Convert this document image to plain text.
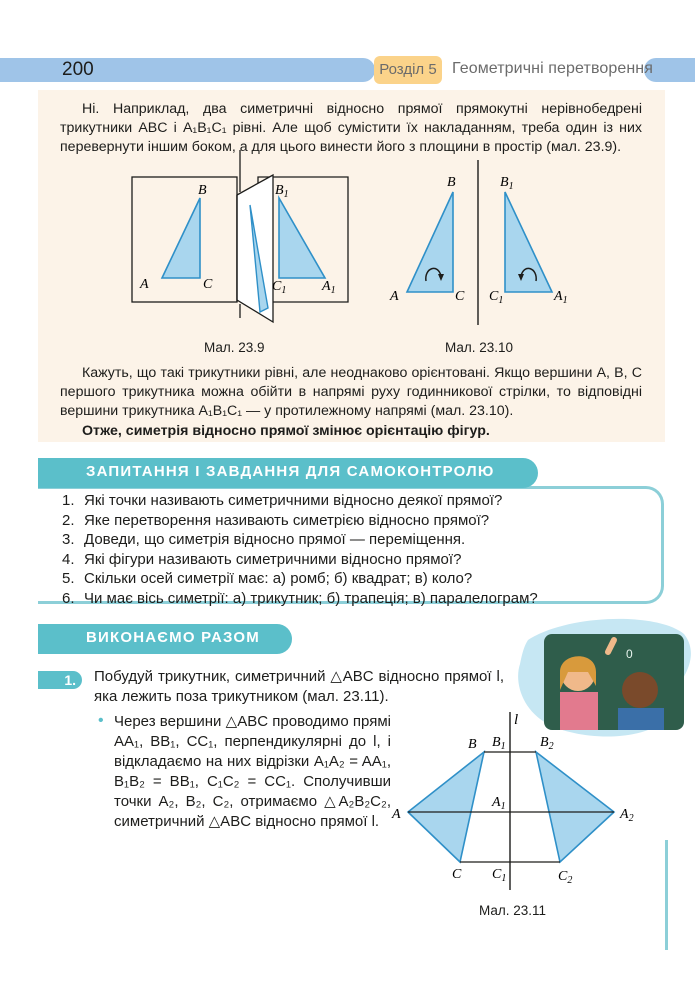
200	Розділ 5 Геометричні перетворення
Ні. Наприклад, два симетричні відносно прямої прямокутні нерівнобедрені трикутники ABC і A₁B₁C₁ рівні. Але щоб сумістити їх накладанням, треба один із них перевернути іншим боком, а для цього винести його з площини в простір (мал. 23.9).
B
A	C
$B_1$
$C_1$	$A_1$
B
A	C
$B_1$
$C_1$	$A_1$
Мал. 23.9	Мал. 23.10
Кажуть, що такі трикутники рівні, але неоднаково орієнтовані. Якщо вершини A, B, C першого трикутника можна обійти в напрямі руху годинникової стрілки, то відповідні вершини трикутника A₁B₁C₁ — у протилежному напрямі (мал. 23.10).
Отже, симетрія відносно прямої змінює орієнтацію фігур.
ЗАПИТАННЯ І ЗАВДАННЯ ДЛЯ САМОКОНТРОЛЮ
1. Які точки називають симетричними відносно деякої прямої?
2. Яке перетворення називають симетрією відносно прямої?
3. Доведи, що симетрія відносно прямої — переміщення.
4. Які фігури називають симетричними відносно прямої?
5. Скільки осей симетрії має: а) ромб; б) квадрат; в) коло?
6. Чи має вісь симетрії: а) трикутник; б) трапеція; в) паралелограм?
ВИКОНАЄМО РАЗОМ
0
1.	Побудуй трикутник, симетричний △ABC відносно прямої l, яка лежить поза трикутником (мал. 23.11).
• Через вершини △ABC проводимо прямі AA₁, BB₁, CC₁, перпендикулярні до l, і відкладаємо на них відрізки A₁A₂ = AA₁, B₁B₂ = BB₁, C₁C₂ = CC₁. Сполучивши точки A₂, B₂, C₂, отримаємо △A₂B₂C₂, симетричний △ABC відносно прямої l.
l
B $B_1$ $B_2$
$A_1$
A	$A_2$
C $C_1$	$C_2$
Мал. 23.11
